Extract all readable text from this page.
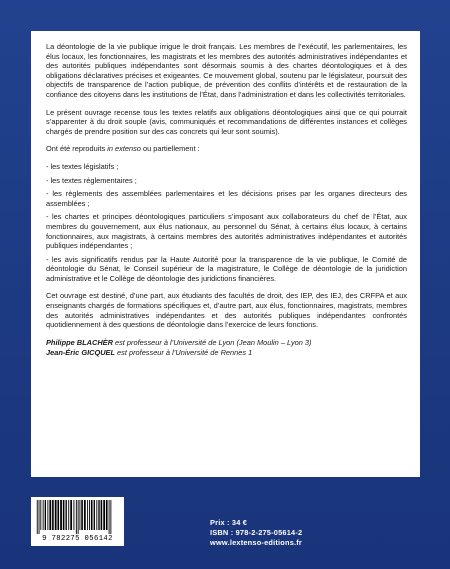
La déontologie de la vie publique irrigue le droit français. Les membres de l’exécutif, les parlementaires, les élus locaux, les fonctionnaires, les magistrats et les membres des autorités administratives indépendantes et des autorités publiques indépendantes sont désormais soumis à des chartes déontologiques et à des obligations déclaratives précises et exigeantes. Ce mouvement global, soutenu par le législateur, poursuit des objectifs de transparence de l’action publique, de prévention des conflits d’intérêts et de restauration de la confiance des citoyens dans les institutions de l’État, dans l’administration et dans les collectivités territoriales.

Le présent ouvrage recense tous les textes relatifs aux obligations déontologiques ainsi que ce qui pourrait s’apparenter à du droit souple (avis, communiqués et recommandations de différentes instances et collèges chargés de prendre position sur des cas concrets qui leur sont soumis).

Ont été reproduits in extenso ou partiellement :

- les textes législatifs ;
- les textes réglementaires ;
- les règlements des assemblées parlementaires et les décisions prises par les organes directeurs des assemblées ;
- les chartes et principes déontologiques particuliers s’imposant aux collaborateurs du chef de l’État, aux membres du gouvernement, aux élus nationaux, au personnel du Sénat, à certains élus locaux, à certains fonctionnaires, aux magistrats, à certains membres des autorités administratives indépendantes et autorités publiques indépendantes ;
- les avis significatifs rendus par la Haute Autorité pour la transparence de la vie publique, le Comité de déontologie du Sénat, le Conseil supérieur de la magistrature, le Collège de déontologie de la juridiction administrative et le Collège de déontologie des juridictions financières.

Cet ouvrage est destiné, d’une part, aux étudiants des facultés de droit, des IEP, des IEJ, des CRFPA et aux enseignants chargés de formations spécifiques et, d’autre part, aux élus, fonctionnaires, magistrats, membres des autorités administratives indépendantes et des autorités publiques indépendantes confrontés quotidiennement à des questions de déontologie dans l’exercice de leurs fonctions.

Philippe BLACHÈR est professeur à l’Université de Lyon (Jean Moulin – Lyon 3)
Jean-Éric GICQUEL est professeur à l’Université de Rennes 1
9 782275 056142
Prix : 34 €
ISBN : 978-2-275-05614-2
www.lextenso-editions.fr
